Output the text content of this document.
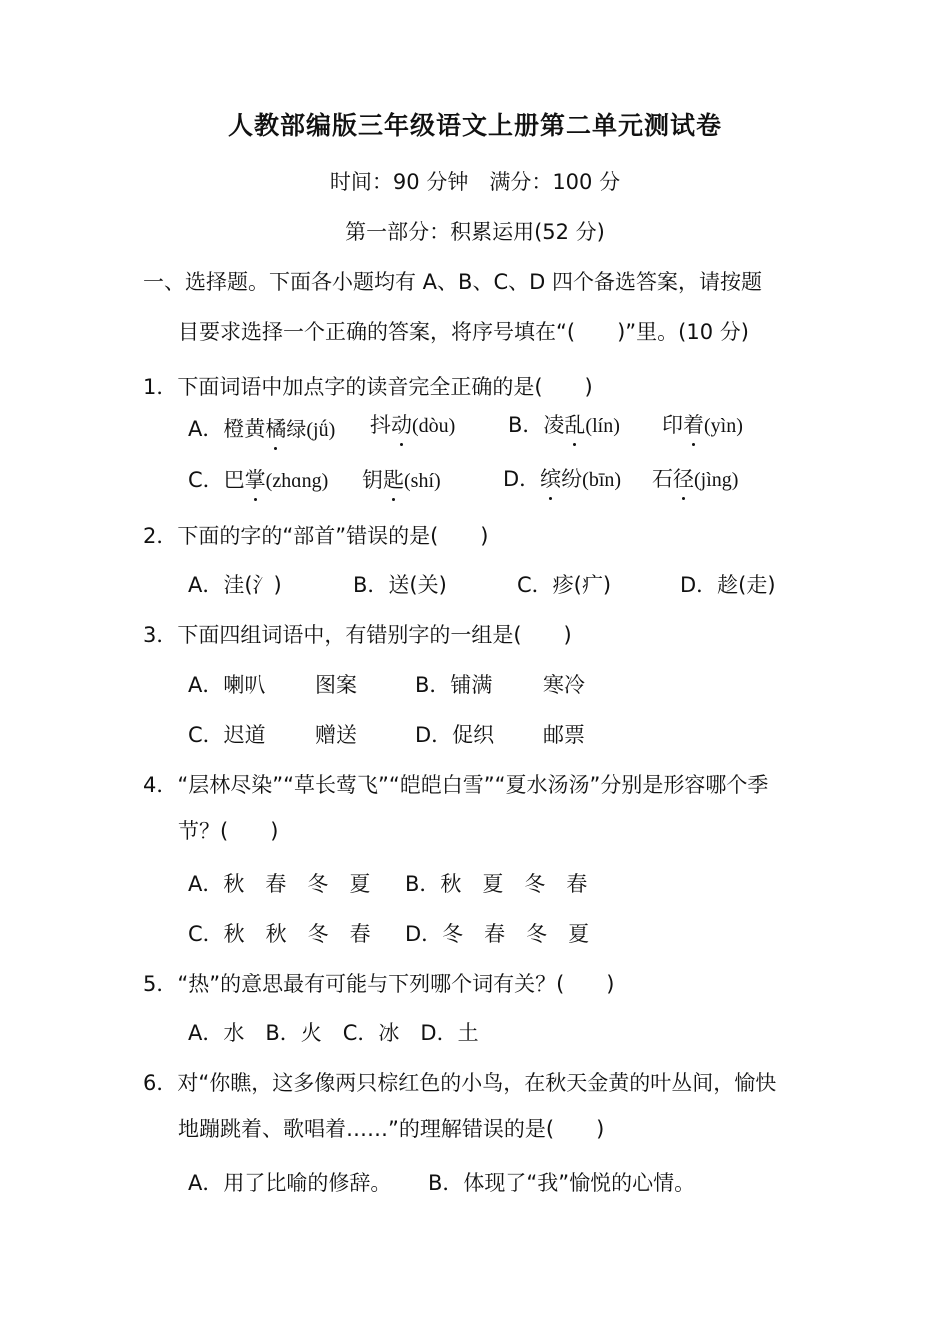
人教部编版三年级语文上册第二单元测试卷
时间：90 分钟　满分：100 分
第一部分：积累运用(52 分)
一、选择题。下面各小题均有 A、B、C、D 四个备选答案，请按题
目要求选择一个正确的答案，将序号填在“(　　)”里。(10 分)
1．下面词语中加点字的读音完全正确的是(　　)
A．橙黄橘绿(jǘ) 抖动(dòu)	B．凌乱(lín) 印着(yìn)
C．巴掌(zhɑng) 钥匙(shí)	D．缤纷(bīn) 石径(jìng)
2．下面的字的“部首”错误的是(　　)
A．洼(氵)	B．送(关)	C．疹(疒)	D．趁(走)
3．下面四组词语中，有错别字的一组是(　　)
A．喇叭 图案	B．铺满 寒冷
C．迟道 赠送	D．促织 邮票
4．“层林尽染”“草长莺飞”“皑皑白雪”“夏水汤汤”分别是形容哪个季
节？(　　)
A．秋　春　冬　夏 B．秋　夏　冬　春
C．秋　秋　冬　春 D．冬　春　冬　夏
5．“热”的意思最有可能与下列哪个词有关？(　　)
A．水　B．火　C．冰　D．土
6．对“你瞧，这多像两只棕红色的小鸟，在秋天金黄的叶丛间，愉快
地蹦跳着、歌唱着……”的理解错误的是(　　)
A．用了比喻的修辞。 B．体现了“我”愉悦的心情。
